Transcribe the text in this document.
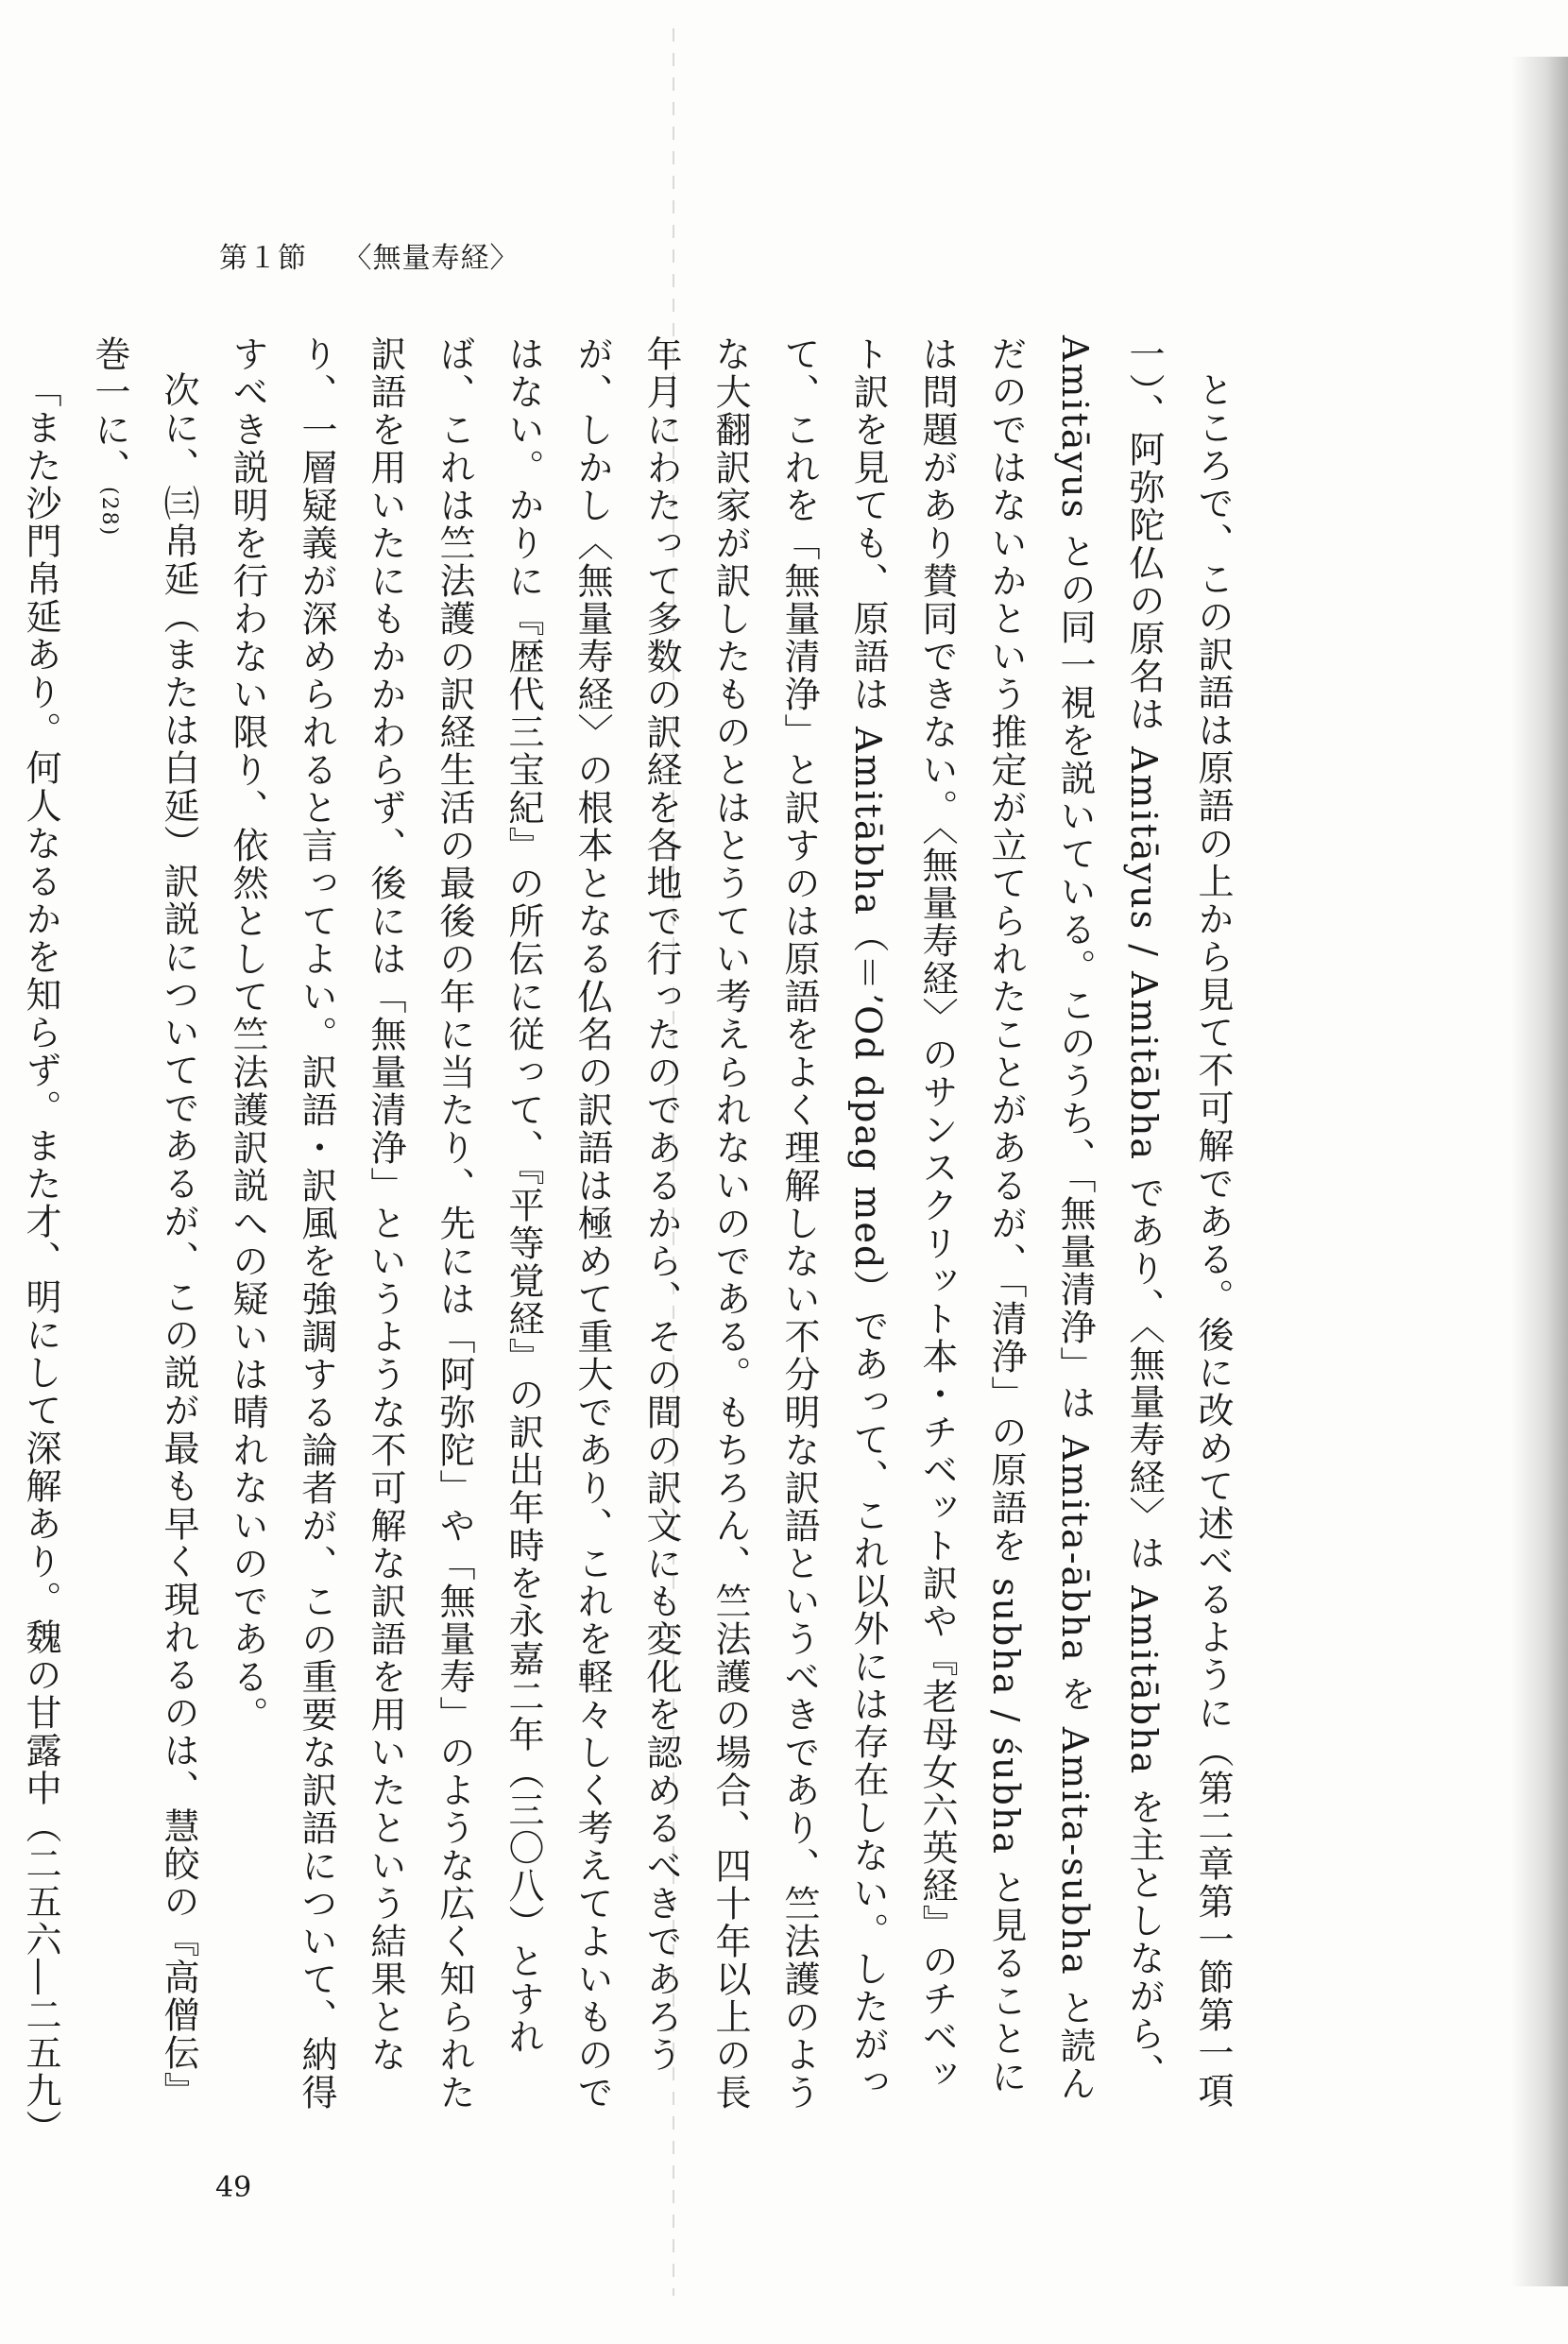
第１節 〈無量寿経〉

ところで、この訳語は原語の上から見て不可解である。後に改めて述べるように（第二章第一節第一項一）、阿弥陀仏の原名は Amitāyus / Amitābha であり、〈無量寿経〉は Amitābha を主としながら、Amitāyus との同一視を説いている。このうち、「無量清浄」は Amita-ābha を Amita-subha と読んだのではないかという推定が立てられたことがあるが、「清浄」の原語を subha / śubha と見ることには問題があり賛同できない。〈無量寿経〉のサンスクリット本・チベット訳や『老母女六英経』のチベット訳を見ても、原語は Amitābha（＝ʼOd dpag med）であって、これ以外には存在しない。したがって、これを「無量清浄」と訳すのは原語をよく理解しない不分明な訳語というべきであり、竺法護のような大翻訳家が訳したものとはとうてい考えられないのである。もちろん、竺法護の場合、四十年以上の長年月にわたって多数の訳経を各地で行ったのであるから、その間の訳文にも変化を認めるべきであろうが、しかし〈無量寿経〉の根本となる仏名の訳語は極めて重大であり、これを軽々しく考えてよいものではない。かりに『歴代三宝紀』の所伝に従って、『平等覚経』の訳出年時を永嘉二年（三〇八）とすれば、これは竺法護の訳経生活の最後の年に当たり、先には「阿弥陀」や「無量寿」のような広く知られた訳語を用いたにもかかわらず、後には「無量清浄」というような不可解な訳語を用いたという結果となり、一層疑義が深められると言ってよい。訳語・訳風を強調する論者が、この重要な訳語について、納得すべき説明を行わない限り、依然として竺法護訳説への疑いは晴れないのである。

次に、㈢帛延（または白延）訳説についてであるが、この説が最も早く現れるのは、慧皎の『高僧伝』巻一に、$^{(28)}$

「また沙門帛延あり。何人なるかを知らず。また才、明にして深解あり。魏の甘露中（二五六―二五九）

49
